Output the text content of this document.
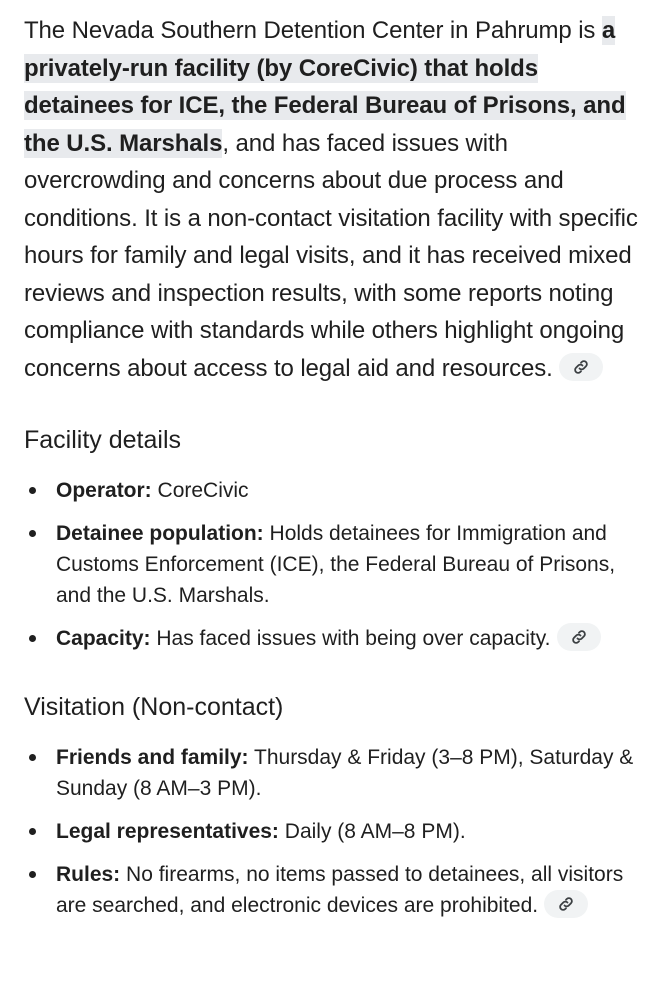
The Nevada Southern Detention Center in Pahrump is a privately-run facility (by CoreCivic) that holds detainees for ICE, the Federal Bureau of Prisons, and the U.S. Marshals, and has faced issues with overcrowding and concerns about due process and conditions. It is a non-contact visitation facility with specific hours for family and legal visits, and it has received mixed reviews and inspection results, with some reports noting compliance with standards while others highlight ongoing concerns about access to legal aid and resources.

Facility details
Operator: CoreCivic
Detainee population: Holds detainees for Immigration and Customs Enforcement (ICE), the Federal Bureau of Prisons, and the U.S. Marshals.
Capacity: Has faced issues with being over capacity.
Visitation (Non-contact)
Friends and family: Thursday & Friday (3–8 PM), Saturday & Sunday (8 AM–3 PM).
Legal representatives: Daily (8 AM–8 PM).
Rules: No firearms, no items passed to detainees, all visitors are searched, and electronic devices are prohibited.
